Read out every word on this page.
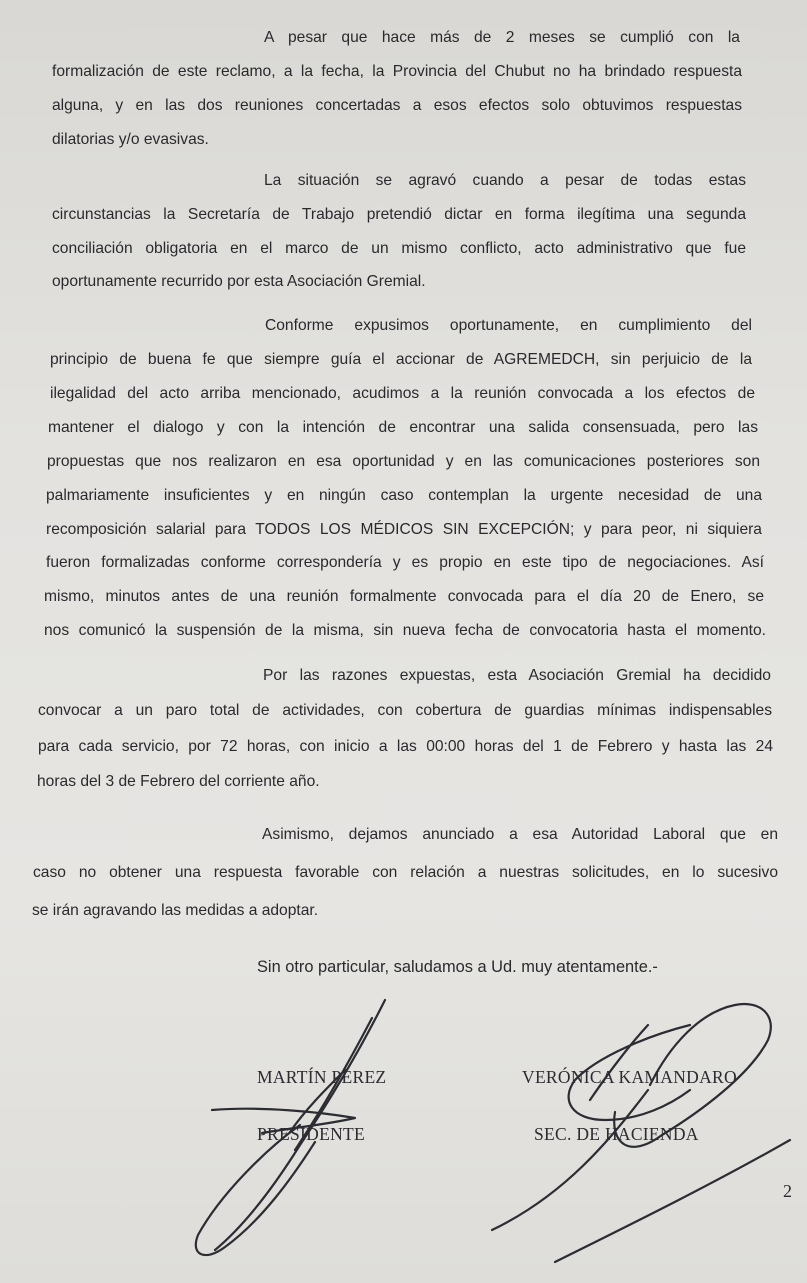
A pesar que hace más de 2 meses se cumplió con la

formalización de este reclamo, a la fecha, la Provincia del Chubut no ha brindado respuesta

alguna, y en las dos reuniones concertadas a esos efectos solo obtuvimos respuestas

dilatorias y/o evasivas.

La situación se agravó cuando a pesar de todas estas

circunstancias la Secretaría de Trabajo pretendió dictar en forma ilegítima una segunda

conciliación obligatoria en el marco de un mismo conflicto, acto administrativo que fue

oportunamente recurrido por esta Asociación Gremial.

Conforme expusimos oportunamente, en cumplimiento del

principio de buena fe que siempre guía el accionar de AGREMEDCH, sin perjuicio de la

ilegalidad del acto arriba mencionado, acudimos a la reunión convocada a los efectos de

mantener el dialogo y con la intención de encontrar una salida consensuada, pero las

propuestas que nos realizaron en esa oportunidad y en las comunicaciones posteriores son

palmariamente insuficientes y en ningún caso contemplan la urgente necesidad de una

recomposición salarial para TODOS LOS MÉDICOS SIN EXCEPCIÓN; y para peor, ni siquiera

fueron formalizadas conforme correspondería y es propio en este tipo de negociaciones. Así

mismo, minutos antes de una reunión formalmente convocada para el día 20 de Enero, se

nos comunicó la suspensión de la misma, sin nueva fecha de convocatoria hasta el momento.

Por las razones expuestas, esta Asociación Gremial ha decidido

convocar a un paro total de actividades, con cobertura de guardias mínimas indispensables

para cada servicio, por 72 horas, con inicio a las 00:00 horas del 1 de Febrero y hasta las 24

horas del 3 de Febrero del corriente año.

Asimismo, dejamos anunciado a esa Autoridad Laboral que en

caso no obtener una respuesta favorable con relación a nuestras solicitudes, en lo sucesivo

se irán agravando las medidas a adoptar.

Sin otro particular, saludamos a Ud. muy atentamente.-

MARTÍN PÉREZ

PRESIDENTE

VERÓNICA KAMANDARO

SEC. DE HACIENDA

2
